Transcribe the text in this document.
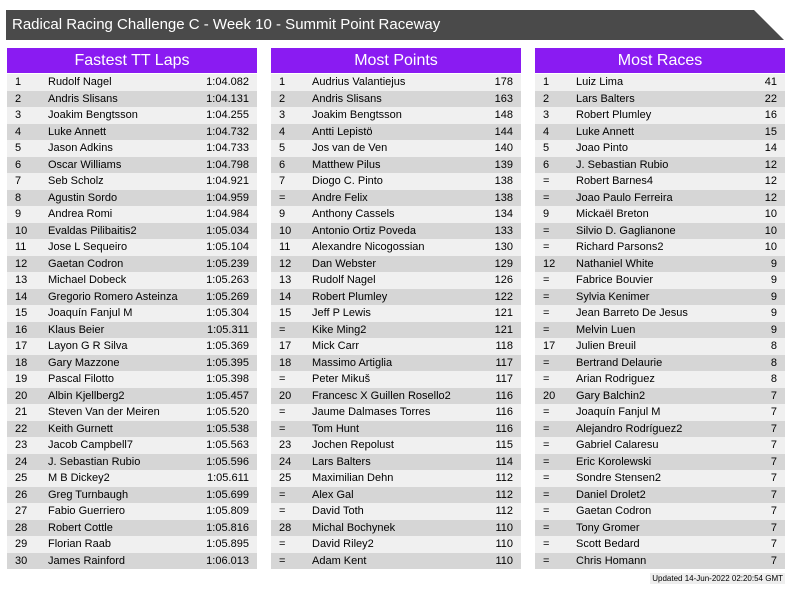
Radical Racing Challenge C - Week 10 - Summit Point Raceway
Fastest TT Laps
1 Rudolf Nagel	1:04.082
2 Andris Slisans	1:04.131
3 Joakim Bengtsson	1:04.255
4 Luke Annett	1:04.732
5 Jason Adkins	1:04.733
6 Oscar Williams	1:04.798
7 Seb Scholz	1:04.921
8 Agustin Sordo	1:04.959
9 Andrea Romi	1:04.984
10 Evaldas Pilibaitis2	1:05.034
11 Jose L Sequeiro	1:05.104
12 Gaetan Codron	1:05.239
13 Michael Dobeck	1:05.263
14 Gregorio Romero Asteinza	1:05.269
15 Joaquín Fanjul M	1:05.304
16 Klaus Beier	1:05.311
17 Layon G R Silva	1:05.369
18 Gary Mazzone	1:05.395
19 Pascal Filotto	1:05.398
20 Albin Kjellberg2	1:05.457
21 Steven Van der Meiren	1:05.520
22 Keith Gurnett	1:05.538
23 Jacob Campbell7	1:05.563
24 J. Sebastian Rubio	1:05.596
25 M B Dickey2	1:05.611
26 Greg Turnbaugh	1:05.699
27 Fabio Guerriero	1:05.809
28 Robert Cottle	1:05.816
29 Florian Raab	1:05.895
30 James Rainford	1:06.013
Most Points
1 Audrius Valantiejus	178
2 Andris Slisans	163
3 Joakim Bengtsson	148
4 Antti Lepistö	144
5 Jos van de Ven	140
6 Matthew Pilus	139
7 Diogo C. Pinto	138
= Andre Felix	138
9 Anthony Cassels	134
10 Antonio Ortiz Poveda	133
11 Alexandre Nicogossian	130
12 Dan Webster	129
13 Rudolf Nagel	126
14 Robert Plumley	122
15 Jeff P Lewis	121
= Kike Ming2	121
17 Mick Carr	118
18 Massimo Artiglia	117
= Peter Mikuš	117
20 Francesc X Guillen Rosello2	116
= Jaume Dalmases Torres	116
= Tom Hunt	116
23 Jochen Repolust	115
24 Lars Balters	114
25 Maximilian Dehn	112
= Alex Gal	112
= David Toth	112
28 Michal Bochynek	110
= David Riley2	110
= Adam Kent	110
Most Races
1 Luiz Lima	41
2 Lars Balters	22
3 Robert Plumley	16
4 Luke Annett	15
5 Joao Pinto	14
6 J. Sebastian Rubio	12
= Robert Barnes4	12
= Joao Paulo Ferreira	12
9 Mickaël Breton	10
= Silvio D. Gaglianone	10
= Richard Parsons2	10
12 Nathaniel White	9
= Fabrice Bouvier	9
= Sylvia Kenimer	9
= Jean Barreto De Jesus	9
= Melvin Luen	9
17 Julien Breuil	8
= Bertrand Delaurie	8
= Arian Rodriguez	8
20 Gary Balchin2	7
= Joaquín Fanjul M	7
= Alejandro Rodríguez2	7
= Gabriel Calaresu	7
= Eric Korolewski	7
= Sondre Stensen2	7
= Daniel Drolet2	7
= Gaetan Codron	7
= Tony Gromer	7
= Scott Bedard	7
= Chris Homann	7
Updated 14-Jun-2022 02:20:54 GMT
